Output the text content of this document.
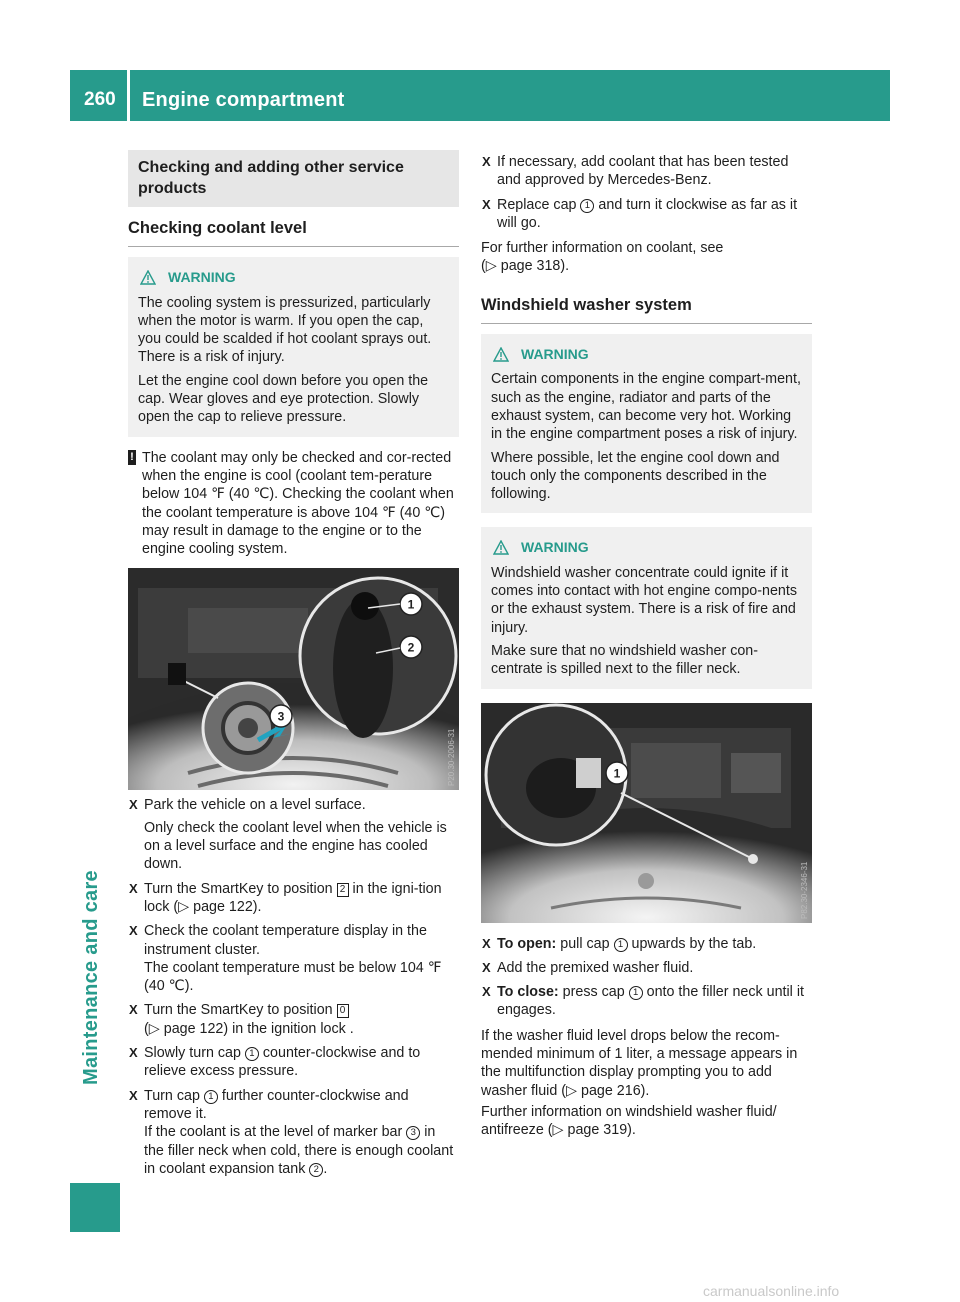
260	Engine compartment
Maintenance and care
Checking and adding other service products
Checking coolant level
WARNING

The cooling system is pressurized, particularly when the motor is warm. If you open the cap, you could be scalded if hot coolant sprays out. There is a risk of injury.

Let the engine cool down before you open the cap. Wear gloves and eye protection. Slowly open the cap to relieve pressure.

! The coolant may only be checked and cor-rected when the engine is cool (coolant tem-perature below 104 ℉ (40 ℃). Checking the coolant when the coolant temperature is above 104 ℉ (40 ℃) may result in damage to the engine or to the engine cooling system.
1
2
3
P20.30-2006-31
X Park the vehicle on a level surface.
Only check the coolant level when the vehicle is on a level surface and the engine has cooled down.
X Turn the SmartKey to position 2 in the igni-tion lock (▷ page 122).
X Check the coolant temperature display in the instrument cluster.
The coolant temperature must be below 104 ℉ (40 ℃).
X Turn the SmartKey to position 0
(▷ page 122) in the ignition lock .
X Slowly turn cap 1 counter-clockwise and to relieve excess pressure.
X Turn cap 1 further counter-clockwise and remove it.
If the coolant is at the level of marker bar 3 in the filler neck when cold, there is enough coolant in coolant expansion tank 2 .
X If necessary, add coolant that has been tested and approved by Mercedes-Benz.
X Replace cap 1 and turn it clockwise as far as it will go.
For further information on coolant, see
(▷ page 318).
Windshield washer system
WARNING

Certain components in the engine compart-ment, such as the engine, radiator and parts of the exhaust system, can become very hot. Working in the engine compartment poses a risk of injury.

Where possible, let the engine cool down and touch only the components described in the following.

WARNING

Windshield washer concentrate could ignite if it comes into contact with hot engine compo-nents or the exhaust system. There is a risk of fire and injury.

Make sure that no windshield washer con-centrate is spilled next to the filler neck.

1
P82.30-2346-31
X To open: pull cap 1 upwards by the tab.
X Add the premixed washer fluid.
X To close: press cap 1 onto the filler neck until it engages.
If the washer fluid level drops below the recom-mended minimum of 1 liter, a message appears in the multifunction display prompting you to add washer fluid (▷ page 216).
Further information on windshield washer fluid/ antifreeze (▷ page 319).
carmanualsonline.info
